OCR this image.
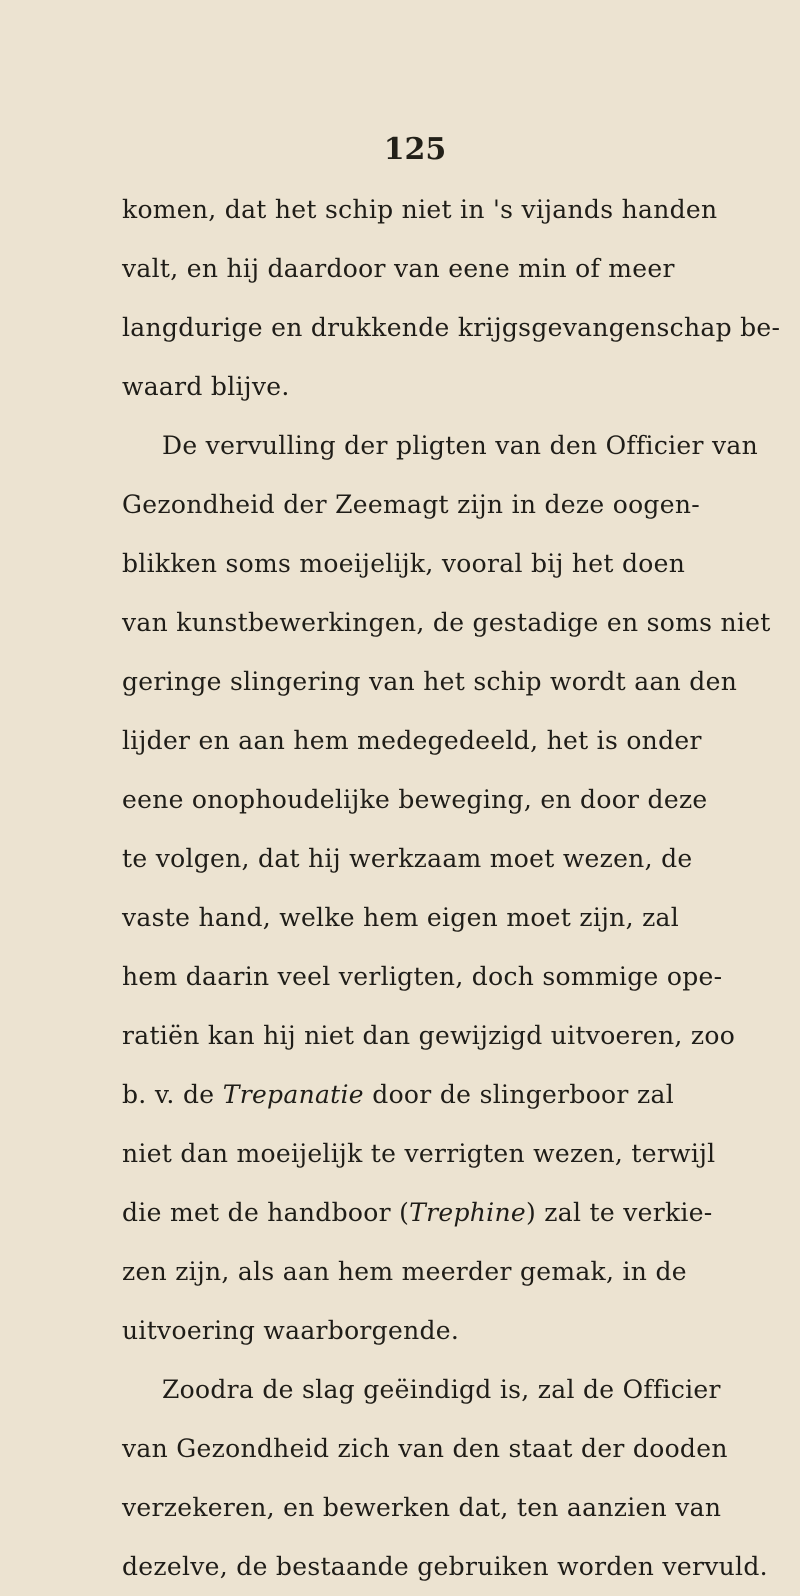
125
komen, dat het schip niet in 's vijands handen
valt, en hij daardoor van eene min of meer
langdurige en drukkende krijgsgevangenschap be-
waard blijve.
De vervulling der pligten van den Officier van
Gezondheid der Zeemagt zijn in deze oogen-
blikken soms moeijelijk, vooral bij het doen
van kunstbewerkingen, de gestadige en soms niet
geringe slingering van het schip wordt aan den
lijder en aan hem medegedeeld, het is onder
eene onophoudelijke beweging, en door deze
te volgen, dat hij werkzaam moet wezen, de
vaste hand, welke hem eigen moet zijn, zal
hem daarin veel verligten, doch sommige ope-
ratiën kan hij niet dan gewijzigd uitvoeren, zoo
b. v. de Trepanatie door de slingerboor zal
niet dan moeijelijk te verrigten wezen, terwijl
die met de handboor (Trephine) zal te verkie-
zen zijn, als aan hem meerder gemak, in de
uitvoering waarborgende.
Zoodra de slag geëindigd is, zal de Officier
van Gezondheid zich van den staat der dooden
verzekeren, en bewerken dat, ten aanzien van
dezelve, de bestaande gebruiken worden vervuld.
